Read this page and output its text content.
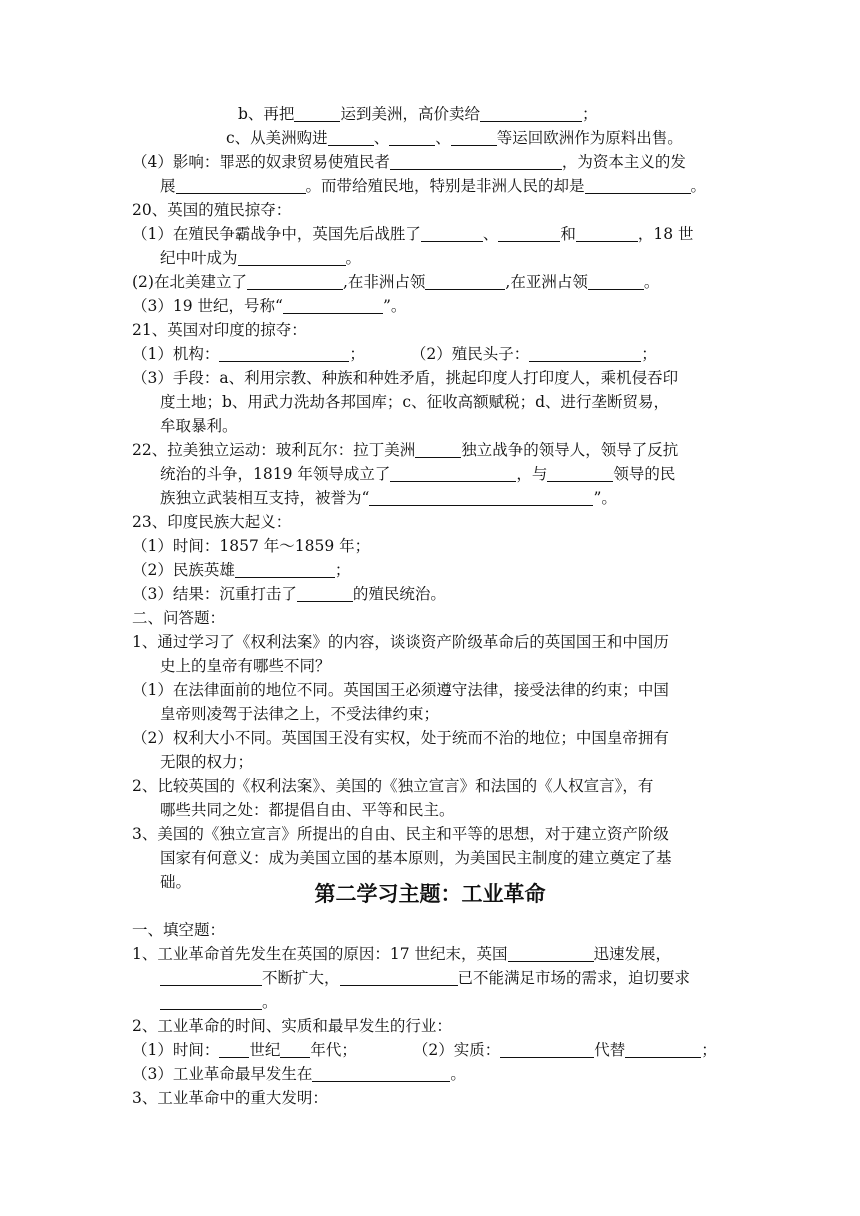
b、再把	运到美洲，高价卖给	；
c、从美洲购进	、	、	等运回欧洲作为原料出售。
（4）影响：罪恶的奴隶贸易使殖民者	，为资本主义的发
展	。而带给殖民地，特别是非洲人民的却是	。
20、英国的殖民掠夺：
（1）在殖民争霸战争中，英国先后战胜了	、	和	，18 世
纪中叶成为	。
(2)在北美建立了	,在非洲占领	,在亚洲占领	。
（3）19 世纪，号称“	”。
21、英国对印度的掠夺：
（1）机构：	；	（2）殖民头子：	；
（3）手段：a、利用宗教、种族和种姓矛盾，挑起印度人打印度人，乘机侵吞印
度土地；b、用武力洗劫各邦国库；c、征收高额赋税；d、进行垄断贸易，
牟取暴利。
22、拉美独立运动：玻利瓦尔：拉丁美洲	独立战争的领导人，领导了反抗
统治的斗争，1819 年领导成立了	，与	领导的民
族独立武装相互支持，被誉为“	”。
23、印度民族大起义：
（1）时间：1857 年～1859 年；
（2）民族英雄	；
（3）结果：沉重打击了	的殖民统治。
二、问答题：
1、通过学习了《权利法案》的内容，谈谈资产阶级革命后的英国国王和中国历
史上的皇帝有哪些不同？
（1）在法律面前的地位不同。英国国王必须遵守法律，接受法律的约束；中国
皇帝则凌驾于法律之上，不受法律约束；
（2）权利大小不同。英国国王没有实权，处于统而不治的地位；中国皇帝拥有
无限的权力；
2、比较英国的《权利法案》、美国的《独立宣言》和法国的《人权宣言》，有
哪些共同之处：都提倡自由、平等和民主。
3、美国的《独立宣言》所提出的自由、民主和平等的思想，对于建立资产阶级
国家有何意义：成为美国立国的基本原则，为美国民主制度的建立奠定了基
础。	第二学习主题：工业革命
一、填空题：
1、工业革命首先发生在英国的原因：17 世纪末，英国	迅速发展，
不断扩大，	已不能满足市场的需求，迫切要求
。
2、工业革命的时间、实质和最早发生的行业：
（1）时间： 世纪 年代；	（2）实质：	代替	；
（3）工业革命最早发生在	。
3、工业革命中的重大发明：
